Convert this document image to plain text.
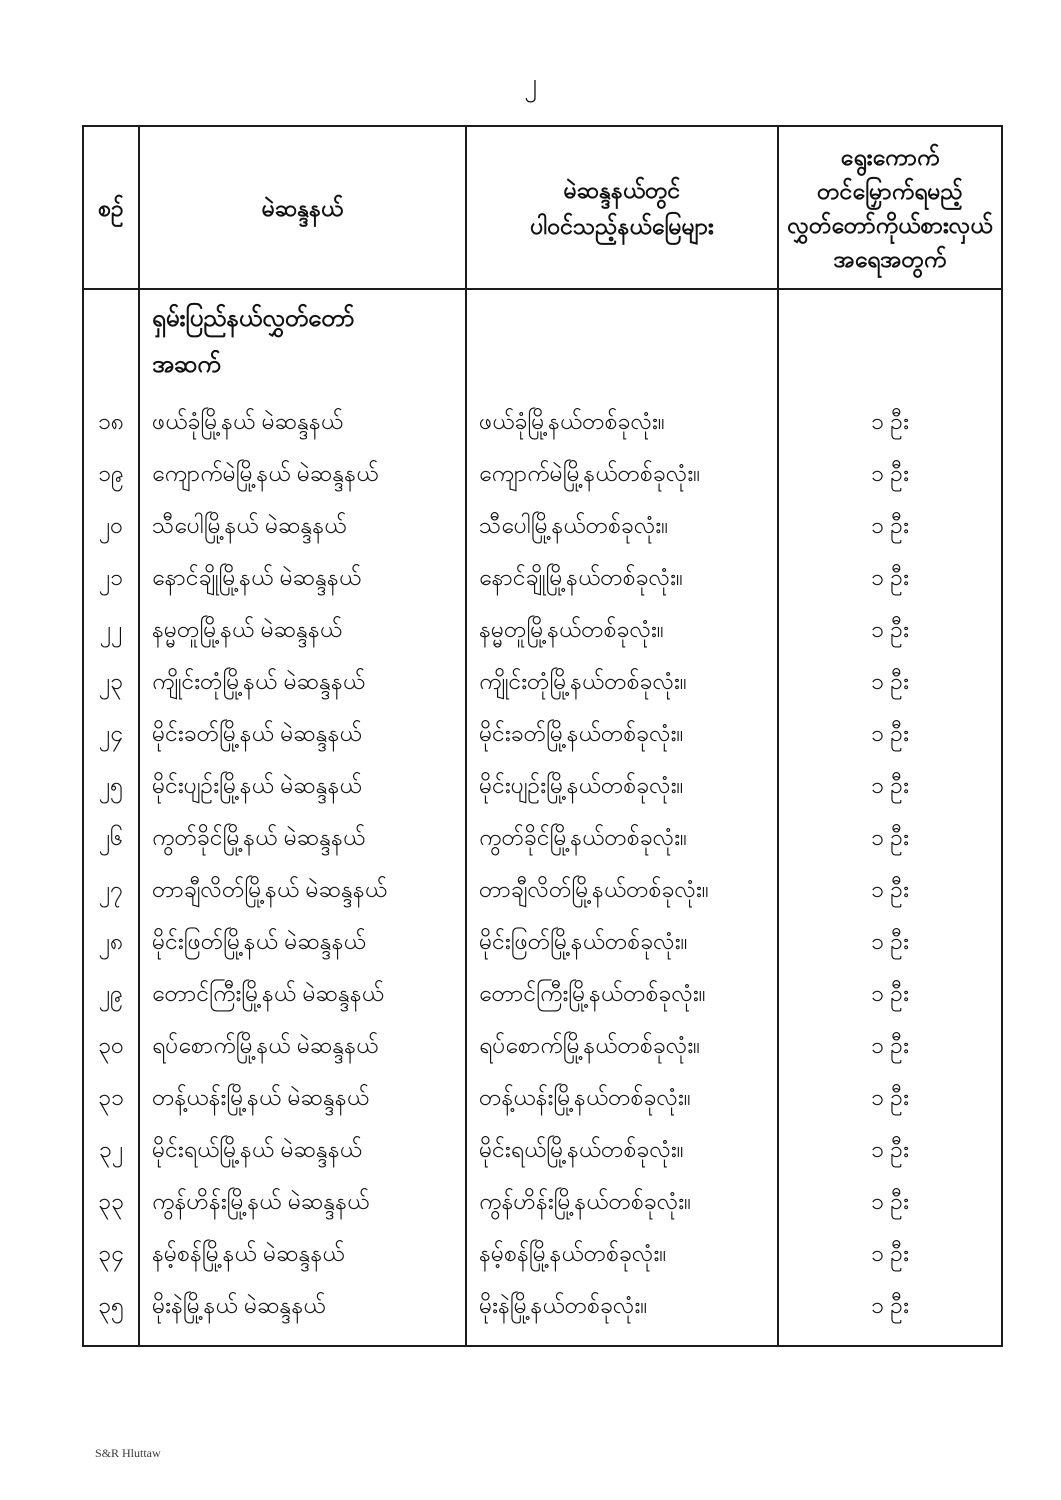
၂
စဉ်	မဲဆန္ဒနယ်
မဲဆန္ဒနယ်တွင်
ပါဝင်သည့်နယ်မြေများ
ရွေးကောက်
တင်မြှောက်ရမည့်
လွှတ်တော်ကိုယ်စားလှယ်
အရေအတွက်
၁၈
၁၉
၂၀
၂၁
၂၂
၂၃
၂၄
၂၅
၂၆
၂၇
၂၈
၂၉
၃၀
၃၁
၃၂
၃၃
၃၄
၃၅
ရှမ်းပြည်နယ်လွှတ်တော်
အဆက်
ဖယ်ခုံမြို့နယ် မဲဆန္ဒနယ်
ကျောက်မဲမြို့နယ် မဲဆန္ဒနယ်
သီပေါမြို့နယ် မဲဆန္ဒနယ်
နောင်ချိုမြို့နယ် မဲဆန္ဒနယ်
နမ္မတူမြို့နယ် မဲဆန္ဒနယ်
ကျိုင်းတုံမြို့နယ် မဲဆန္ဒနယ်
မိုင်းခတ်မြို့နယ် မဲဆန္ဒနယ်
မိုင်းပျဉ်းမြို့နယ် မဲဆန္ဒနယ်
ကွတ်ခိုင်မြို့နယ် မဲဆန္ဒနယ်
တာချီလိတ်မြို့နယ် မဲဆန္ဒနယ်
မိုင်းဖြတ်မြို့နယ် မဲဆန္ဒနယ်
တောင်ကြီးမြို့နယ် မဲဆန္ဒနယ်
ရပ်စောက်မြို့နယ် မဲဆန္ဒနယ်
တန့်ယန်းမြို့နယ် မဲဆန္ဒနယ်
မိုင်းရယ်မြို့နယ် မဲဆန္ဒနယ်
ကွန်ဟိန်းမြို့နယ် မဲဆန္ဒနယ်
နမ့်စန်မြို့နယ် မဲဆန္ဒနယ်
မိုးနဲမြို့နယ် မဲဆန္ဒနယ်
ဖယ်ခုံမြို့နယ်တစ်ခုလုံး။
ကျောက်မဲမြို့နယ်တစ်ခုလုံး။
သီပေါမြို့နယ်တစ်ခုလုံး။
နောင်ချိုမြို့နယ်တစ်ခုလုံး။
နမ္မတူမြို့နယ်တစ်ခုလုံး။
ကျိုင်းတုံမြို့နယ်တစ်ခုလုံး။
မိုင်းခတ်မြို့နယ်တစ်ခုလုံး။
မိုင်းပျဉ်းမြို့နယ်တစ်ခုလုံး။
ကွတ်ခိုင်မြို့နယ်တစ်ခုလုံး။
တာချီလိတ်မြို့နယ်တစ်ခုလုံး။
မိုင်းဖြတ်မြို့နယ်တစ်ခုလုံး။
တောင်ကြီးမြို့နယ်တစ်ခုလုံး။
ရပ်စောက်မြို့နယ်တစ်ခုလုံး။
တန့်ယန်းမြို့နယ်တစ်ခုလုံး။
မိုင်းရယ်မြို့နယ်တစ်ခုလုံး။
ကွန်ဟိန်းမြို့နယ်တစ်ခုလုံး။
နမ့်စန်မြို့နယ်တစ်ခုလုံး။
မိုးနဲမြို့နယ်တစ်ခုလုံး။
၁ ဦး
၁ ဦး
၁ ဦး
၁ ဦး
၁ ဦး
၁ ဦး
၁ ဦး
၁ ဦး
၁ ဦး
၁ ဦး
၁ ဦး
၁ ဦး
၁ ဦး
၁ ဦး
၁ ဦး
၁ ဦး
၁ ဦး
၁ ဦး
S&R Hluttaw
